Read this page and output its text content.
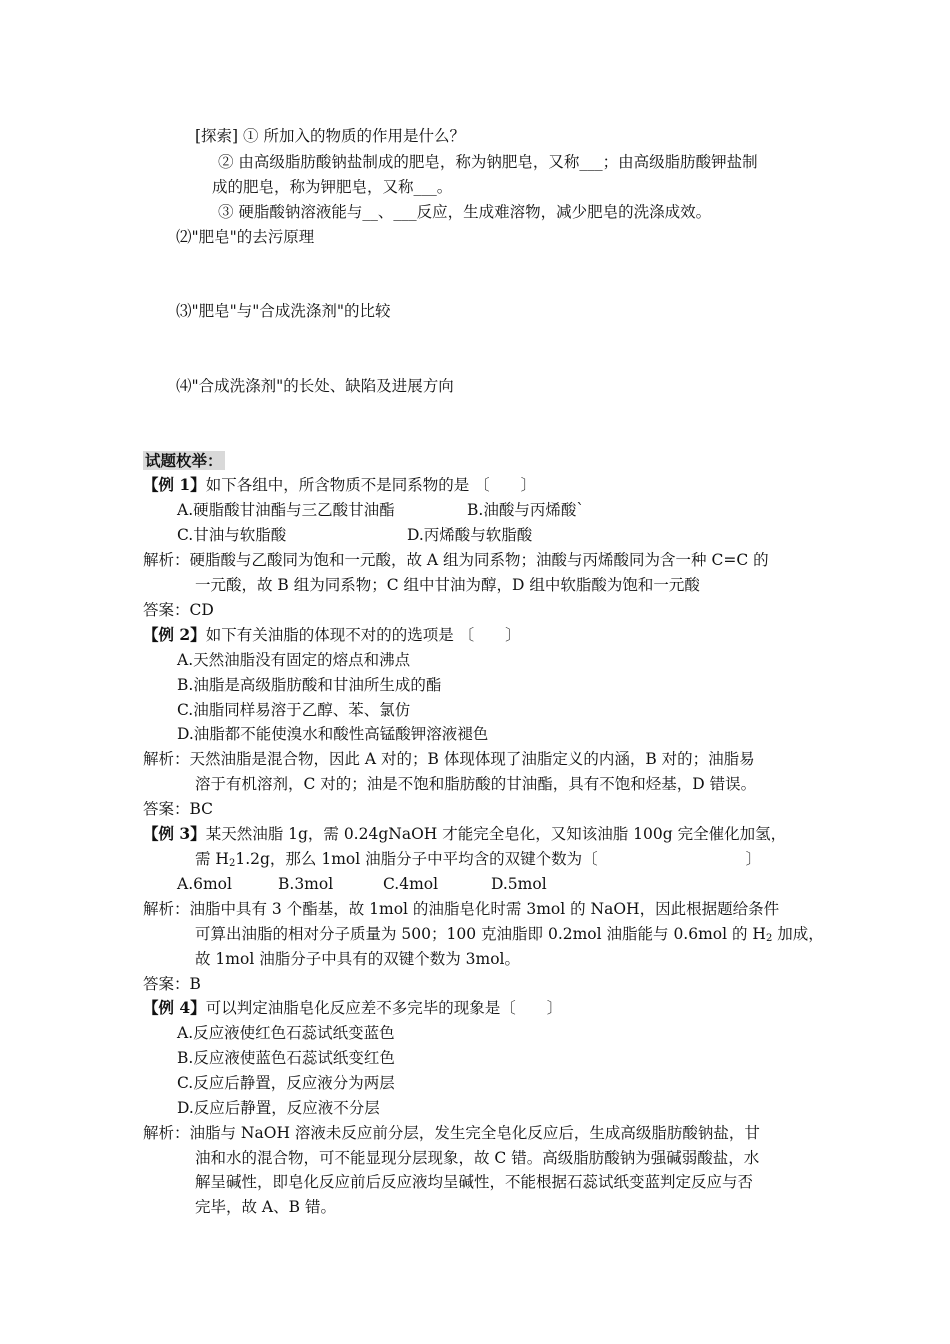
[探索] ① 所加入的物质的作用是什么？
② 由高级脂肪酸钠盐制成的肥皂，称为钠肥皂，又称___；由高级脂肪酸钾盐制
成的肥皂，称为钾肥皂，又称___。
③ 硬脂酸钠溶液能与__、___反应，生成难溶物，减少肥皂的洗涤成效。
⑵"肥皂"的去污原理
⑶"肥皂"与"合成洗涤剂"的比较
⑷"合成洗涤剂"的长处、缺陷及进展方向
试题枚举：
【例 1】如下各组中，所含物质不是同系物的是 〔　　〕
A.硬脂酸甘油酯与三乙酸甘油酯	B.油酸与丙烯酸`
C.甘油与软脂酸	D.丙烯酸与软脂酸
解析：硬脂酸与乙酸同为饱和一元酸，故 A 组为同系物；油酸与丙烯酸同为含一种 C=C 的
一元酸，故 B 组为同系物；C 组中甘油为醇，D 组中软脂酸为饱和一元酸
答案：CD
【例 2】如下有关油脂的体现不对的的选项是 〔　　〕
A.天然油脂没有固定的熔点和沸点
B.油脂是高级脂肪酸和甘油所生成的酯
C.油脂同样易溶于乙醇、苯、氯仿
D.油脂都不能使溴水和酸性高锰酸钾溶液褪色
解析：天然油脂是混合物，因此 A 对的；B 体现体现了油脂定义的内涵，B 对的；油脂易
溶于有机溶剂，C 对的；油是不饱和脂肪酸的甘油酯，具有不饱和烃基，D 错误。
答案：BC
【例 3】某天然油脂 1g，需 0.24gNaOH 才能完全皂化，又知该油脂 100g 完全催化加氢，
需 $H_21.2g$，那么 1mol 油脂分子中平均含的双键个数为〔	〕
A.6mol	B.3mol	C.4mol	D.5mol
解析：油脂中具有 3 个酯基，故 1mol 的油脂皂化时需 3mol 的 NaOH，因此根据题给条件
可算出油脂的相对分子质量为 500；100 克油脂即 0.2mol 油脂能与 0.6mol 的 $H_2$ 加成，
故 1mol 油脂分子中具有的双键个数为 3mol。
答案：B
【例 4】可以判定油脂皂化反应差不多完毕的现象是〔　　〕
A.反应液使红色石蕊试纸变蓝色
B.反应液使蓝色石蕊试纸变红色
C.反应后静置，反应液分为两层
D.反应后静置，反应液不分层
解析：油脂与 NaOH 溶液未反应前分层，发生完全皂化反应后，生成高级脂肪酸钠盐，甘
油和水的混合物，可不能显现分层现象，故 C 错。高级脂肪酸钠为强碱弱酸盐，水
解呈碱性，即皂化反应前后反应液均呈碱性，不能根据石蕊试纸变蓝判定反应与否
完毕，故 A、B 错。
